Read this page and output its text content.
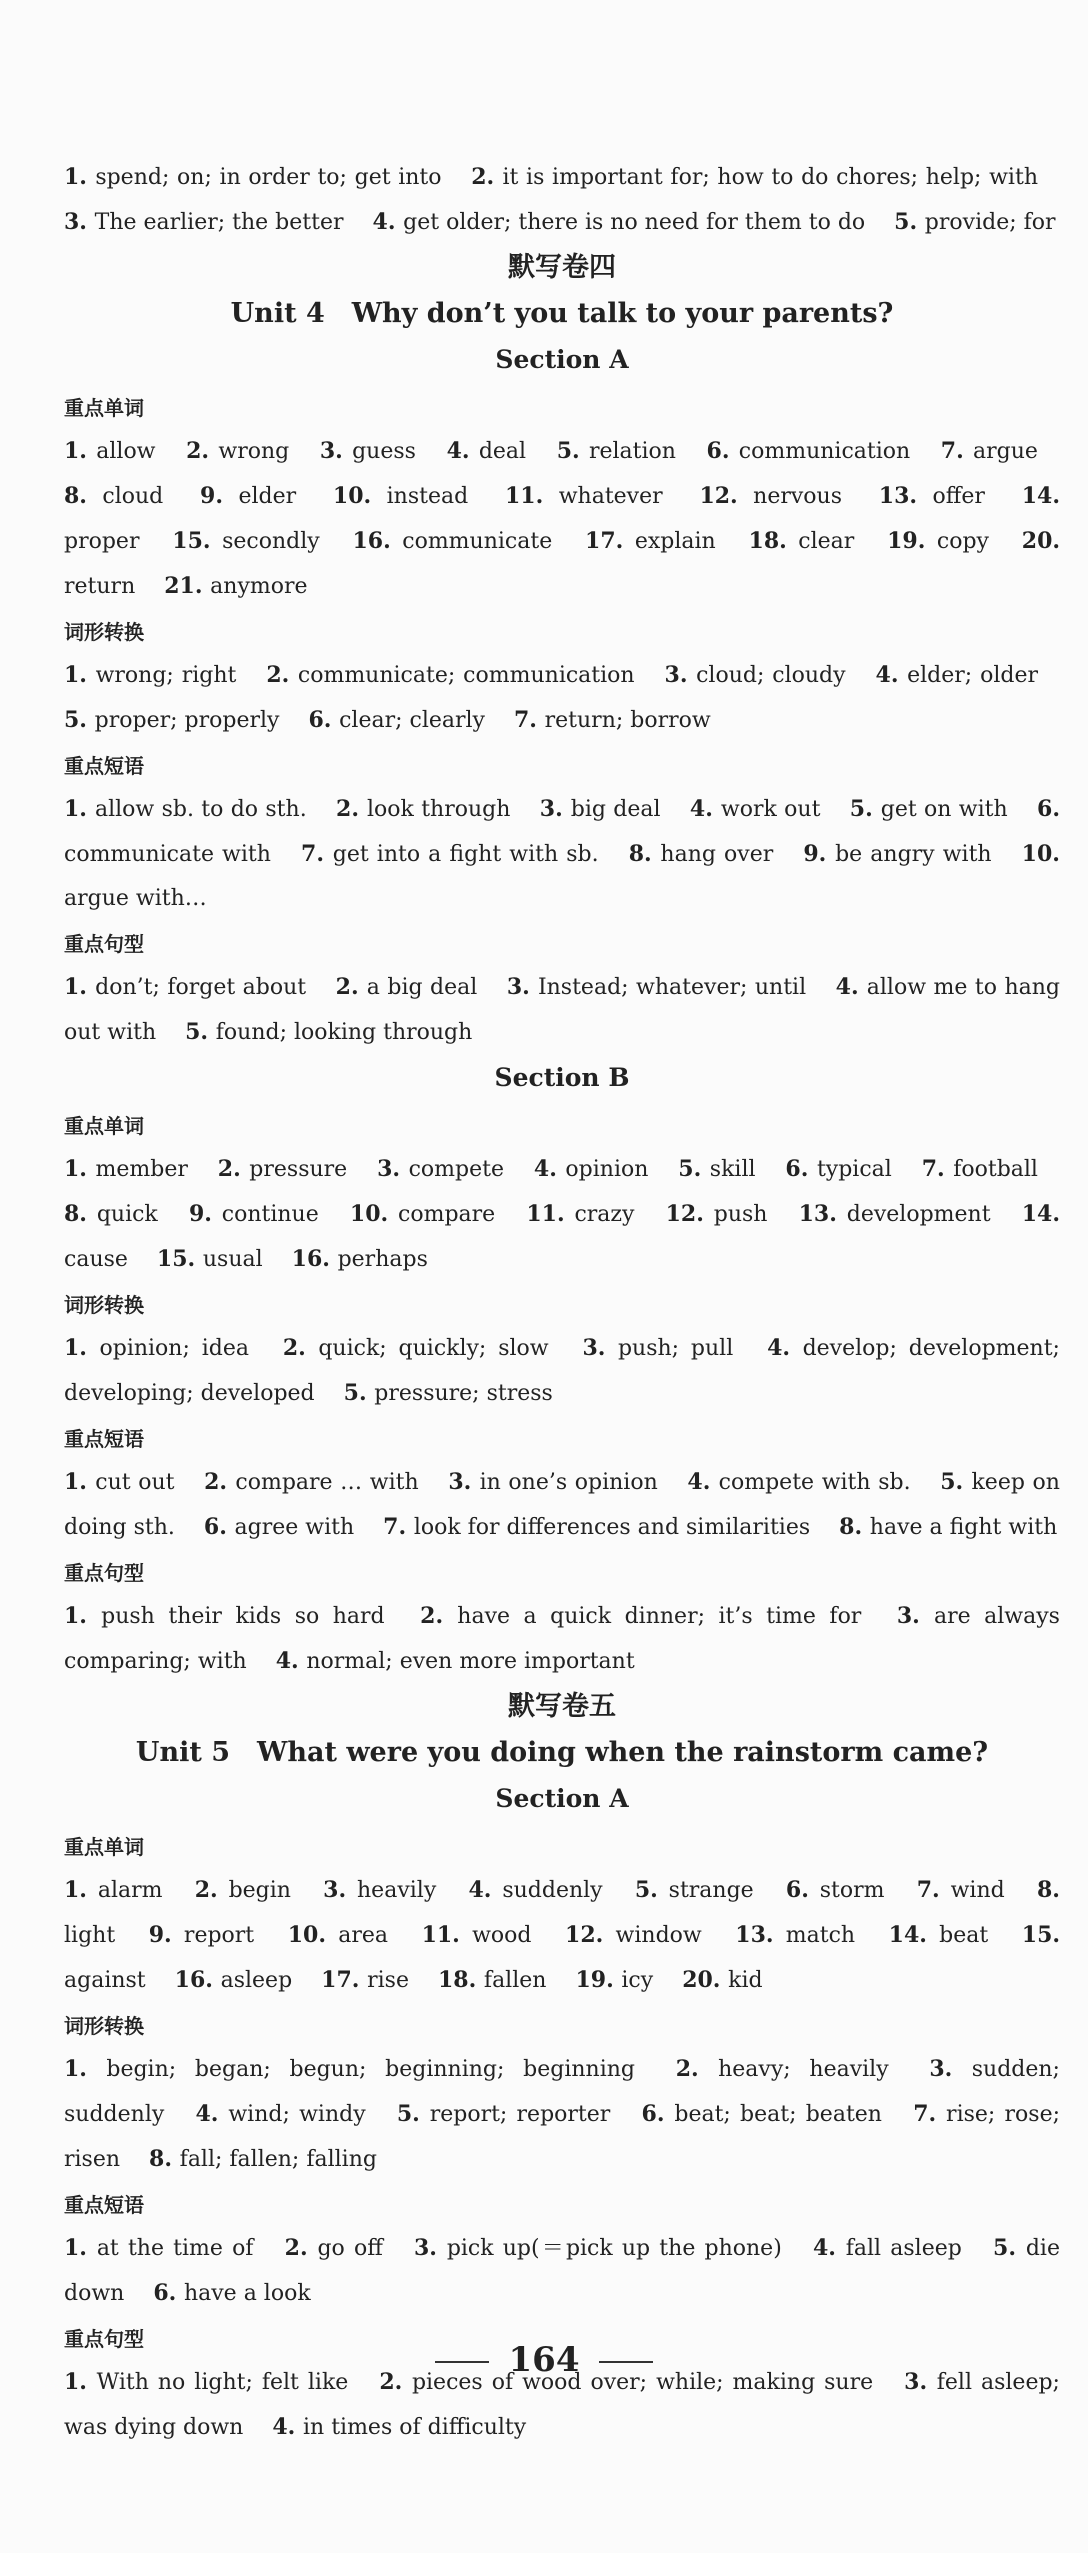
1. spend; on; in order to; get into  2. it is important for; how to do chores; help; with  3. The earlier; the better  4. get older; there is no need for them to do  5. provide; for

默写卷四

Unit 4　Why don’t you talk to your parents?

Section A

重点单词

1. allow  2. wrong  3. guess  4. deal  5. relation  6. communication  7. argue  8. cloud  9. elder  10. instead  11. whatever  12. nervous  13. offer  14. proper  15. secondly  16. communicate  17. explain  18. clear  19. copy  20. return  21. anymore

词形转换

1. wrong; right  2. communicate; communication  3. cloud; cloudy  4. elder; older  5. proper; properly  6. clear; clearly  7. return; borrow

重点短语

1. allow sb. to do sth.  2. look through  3. big deal  4. work out  5. get on with  6. communicate with  7. get into a fight with sb.  8. hang over  9. be angry with  10. argue with…

重点句型

1. don’t; forget about  2. a big deal  3. Instead; whatever; until  4. allow me to hang out with  5. found; looking through

Section B

重点单词

1. member  2. pressure  3. compete  4. opinion  5. skill  6. typical  7. football  8. quick  9. continue  10. compare  11. crazy  12. push  13. development  14. cause  15. usual  16. perhaps

词形转换

1. opinion; idea  2. quick; quickly; slow  3. push; pull  4. develop; development; developing; developed  5. pressure; stress

重点短语

1. cut out  2. compare … with  3. in one’s opinion  4. compete with sb.  5. keep on doing sth.  6. agree with  7. look for differences and similarities  8. have a fight with

重点句型

1. push their kids so hard  2. have a quick dinner; it’s time for  3. are always comparing; with  4. normal; even more important

默写卷五

Unit 5　What were you doing when the rainstorm came?

Section A

重点单词

1. alarm  2. begin  3. heavily  4. suddenly  5. strange  6. storm  7. wind  8. light  9. report  10. area  11. wood  12. window  13. match  14. beat  15. against  16. asleep  17. rise  18. fallen  19. icy  20. kid

词形转换

1. begin; began; begun; beginning; beginning  2. heavy; heavily  3. sudden; suddenly  4. wind; windy  5. report; reporter  6. beat; beat; beaten  7. rise; rose; risen  8. fall; fallen; falling

重点短语

1. at the time of  2. go off  3. pick up(＝pick up the phone)  4. fall asleep  5. die down  6. have a look

重点句型

1. With no light; felt like  2. pieces of wood over; while; making sure  3. fell asleep; was dying down  4. in times of difficulty

164
